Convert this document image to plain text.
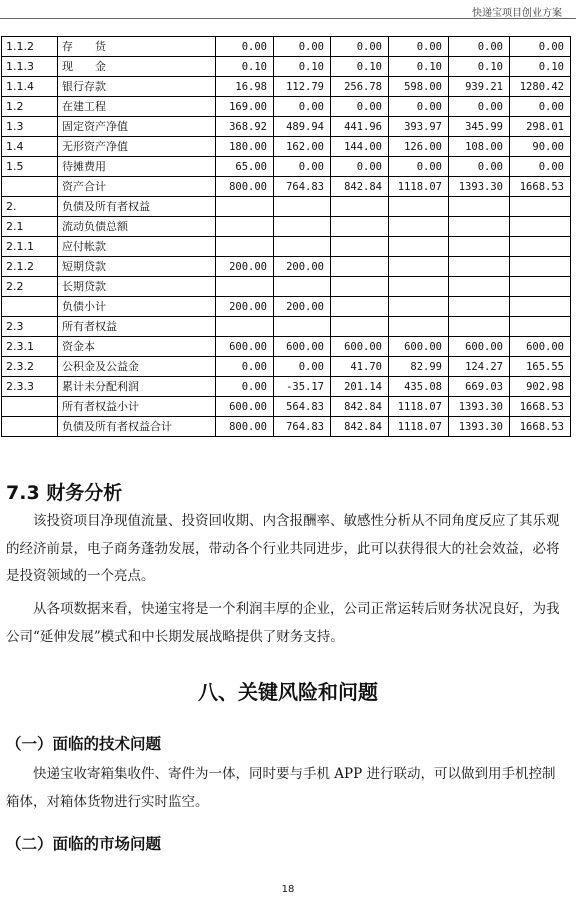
快递宝项目创业方案
1.1.2	存　　货	0.00	0.00	0.00	0.00	0.00	0.00
1.1.3	现　　金	0.10	0.10	0.10	0.10	0.10	0.10
1.1.4	银行存款	16.98	112.79	256.78	598.00	939.21	1280.42
1.2	在建工程	169.00	0.00	0.00	0.00	0.00	0.00
1.3	固定资产净值	368.92	489.94	441.96	393.97	345.99	298.01
1.4	无形资产净值	180.00	162.00	144.00	126.00	108.00	90.00
1.5	待摊费用	65.00	0.00	0.00	0.00	0.00	0.00
	资产合计	800.00	764.83	842.84	1118.07	1393.30	1668.53
2.	负债及所有者权益						
2.1	流动负债总额						
2.1.1	应付帐款						
2.1.2	短期贷款	200.00	200.00				
2.2	长期贷款						
	负债小计	200.00	200.00				
2.3	所有者权益						
2.3.1	资金本	600.00	600.00	600.00	600.00	600.00	600.00
2.3.2	公积金及公益金	0.00	0.00	41.70	82.99	124.27	165.55
2.3.3	累计未分配利润	0.00	-35.17	201.14	435.08	669.03	902.98
	所有者权益小计	600.00	564.83	842.84	1118.07	1393.30	1668.53
	负债及所有者权益合计	800.00	764.83	842.84	1118.07	1393.30	1668.53
7.3 财务分析

该投资项目净现值流量、投资回收期、内含报酬率、敏感性分析从不同角度反应了其乐观的经济前景，电子商务蓬勃发展，带动各个行业共同进步，此可以获得很大的社会效益，必将是投资领域的一个亮点。

从各项数据来看，快递宝将是一个利润丰厚的企业，公司正常运转后财务状况良好，为我公司“延伸发展”模式和中长期发展战略提供了财务支持。

八、关键风险和问题
（一）面临的技术问题

快递宝收寄箱集收件、寄件为一体，同时要与手机 APP 进行联动，可以做到用手机控制箱体，对箱体货物进行实时监空。

（二）面临的市场问题
18
